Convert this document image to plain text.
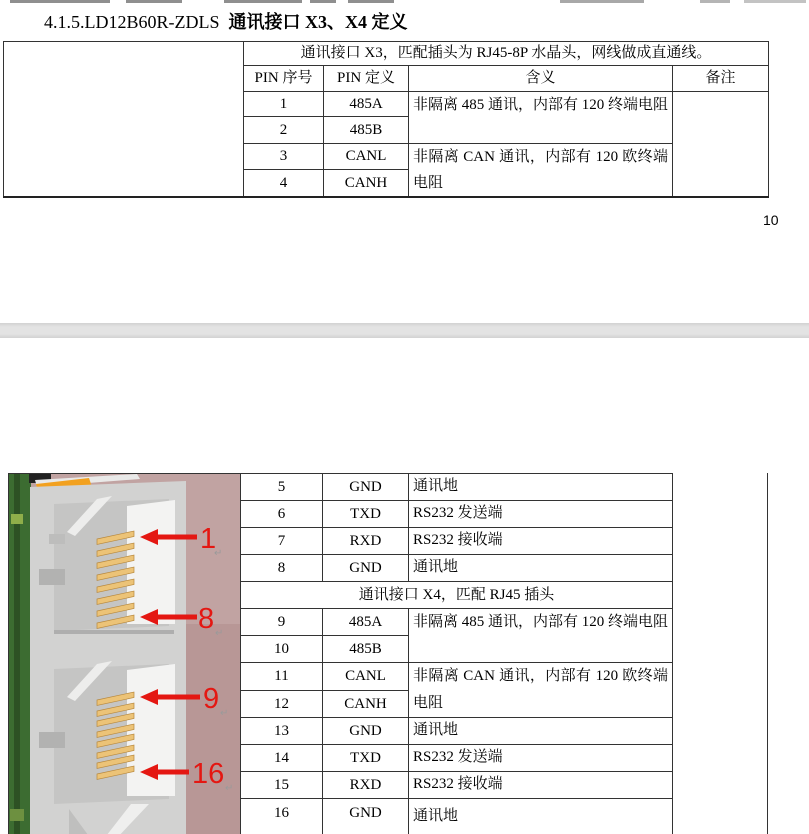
4.1.5.LD12B60R-ZDLS 通讯接口 X3、X4 定义
	通讯接口 X3，匹配插头为 RJ45-8P 水晶头，网线做成直通线。			
	PIN 序号	PIN 定义	含义	备注
	1	485A	非隔离 485 通讯，内部有 120 终端电阻	
	2	485B		
	3	CANL	非隔离 CAN 通讯，内部有 120 欧终端电阻	
	4	CANH		
10
1
↵
8 ↵
9 ↵
16 ↵
	5	GND	通讯地
	6	TXD	RS232 发送端
	7	RXD	RS232 接收端
	8	GND	通讯地
	通讯接口 X4，匹配 RJ45 插头		
	9	485A	非隔离 485 通讯，内部有 120 终端电阻
	10	485B	
	11	CANL	非隔离 CAN 通讯，内部有 120 欧终端电阻
	12	CANH	
	13	GND	通讯地
	14	TXD	RS232 发送端
	15	RXD	RS232 接收端
	16	GND	通讯地
